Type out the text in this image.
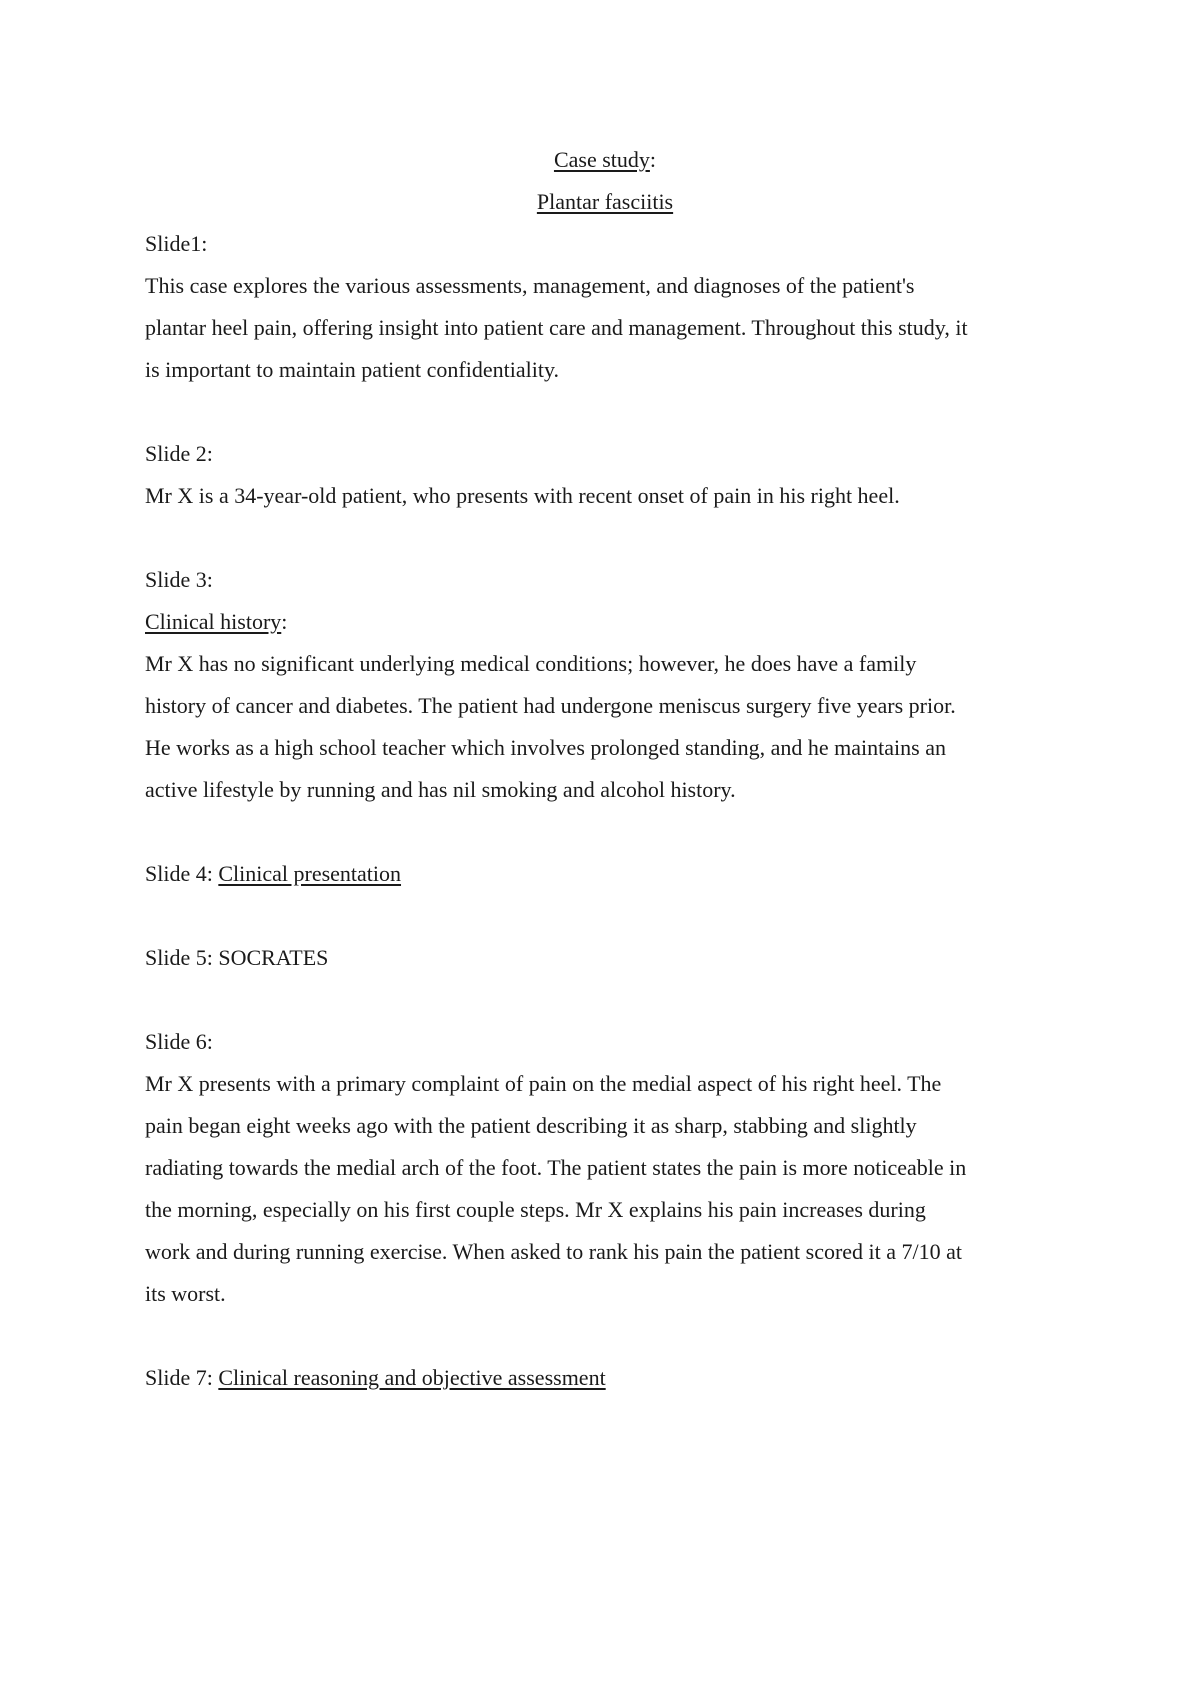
Case study:
Plantar fasciitis
Slide1:
This case explores the various assessments, management, and diagnoses of the patient's
plantar heel pain, offering insight into patient care and management. Throughout this study, it
is important to maintain patient confidentiality.
Slide 2:
Mr X is a 34-year-old patient, who presents with recent onset of pain in his right heel.
Slide 3:
Clinical history:
Mr X has no significant underlying medical conditions; however, he does have a family
history of cancer and diabetes. The patient had undergone meniscus surgery five years prior.
He works as a high school teacher which involves prolonged standing, and he maintains an
active lifestyle by running and has nil smoking and alcohol history.
Slide 4: Clinical presentation
Slide 5: SOCRATES
Slide 6:
Mr X presents with a primary complaint of pain on the medial aspect of his right heel. The
pain began eight weeks ago with the patient describing it as sharp, stabbing and slightly
radiating towards the medial arch of the foot. The patient states the pain is more noticeable in
the morning, especially on his first couple steps. Mr X explains his pain increases during
work and during running exercise. When asked to rank his pain the patient scored it a 7/10 at
its worst.
Slide 7: Clinical reasoning and objective assessment
